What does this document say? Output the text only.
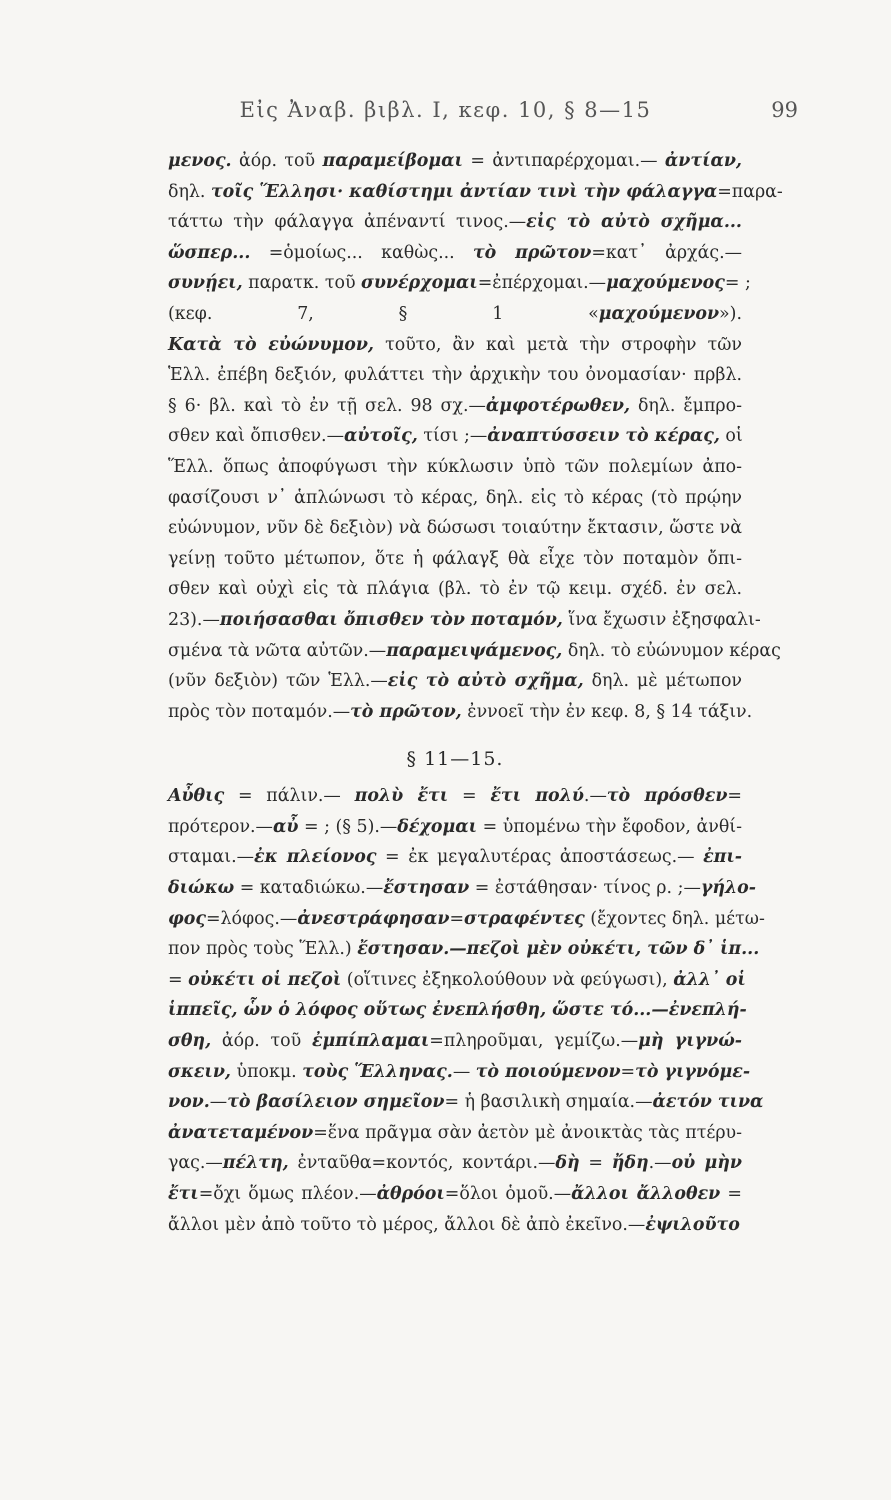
Εἰς Ἀναβ. βιβλ. Ι, κεφ. 10, § 8—15	99
μενος. ἀόρ. τοῦ παραμείβομαι = ἀντιπαρέρχομαι.— ἀντίαν,
δηλ. τοῖς Ἕλλησι· καθίστημι ἀντίαν τινὶ τὴν φάλαγγα=παρα-
τάττω τὴν φάλαγγα ἀπέναντί τινος.—εἰς τὸ αὐτὸ σχῆμα...
ὥσπερ... =ὁμοίως... καθὼς... τὸ πρῶτον=κατ᾿ ἀρχάς.—
συνῄει, παρατκ. τοῦ συνέρχομαι=ἐπέρχομαι.—μαχούμενος= ;
(κεφ. 7, § 1 «μαχούμενον»).
Κατὰ τὸ εὐώνυμον, τοῦτο, ἂν καὶ μετὰ τὴν στροφὴν τῶν
Ἑλλ. ἐπέβη δεξιόν, φυλάττει τὴν ἀρχικὴν του ὀνομασίαν· πρβλ.
§ 6· βλ. καὶ τὸ ἐν τῇ σελ. 98 σχ.—ἀμφοτέρωθεν, δηλ. ἔμπρο-
σθεν καὶ ὄπισθεν.—αὐτοῖς, τίσι ;—ἀναπτύσσειν τὸ κέρας, οἱ
Ἕλλ. ὅπως ἀποφύγωσι τὴν κύκλωσιν ὑπὸ τῶν πολεμίων ἀπο-
φασίζουσι ν᾿ ἁπλώνωσι τὸ κέρας, δηλ. εἰς τὸ κέρας (τὸ πρῴην
εὐώνυμον, νῦν δὲ δεξιὸν) νὰ δώσωσι τοιαύτην ἔκτασιν, ὥστε νὰ
γείνῃ τοῦτο μέτωπον, ὅτε ἡ φάλαγξ θὰ εἶχε τὸν ποταμὸν ὄπι-
σθεν καὶ οὐχὶ εἰς τὰ πλάγια (βλ. τὸ ἐν τῷ κειμ. σχέδ. ἐν σελ.
23).—ποιήσασθαι ὄπισθεν τὸν ποταμόν, ἵνα ἔχωσιν ἐξησφαλι-
σμένα τὰ νῶτα αὐτῶν.—παραμειψάμενος, δηλ. τὸ εὐώνυμον κέρας
(νῦν δεξιὸν) τῶν Ἑλλ.—εἰς τὸ αὐτὸ σχῆμα, δηλ. μὲ μέτωπον
πρὸς τὸν ποταμόν.—τὸ πρῶτον, ἐννοεῖ τὴν ἐν κεφ. 8, § 14 τάξιν.
§ 11—15.
Αὖθις = πάλιν.— πολὺ ἔτι = ἔτι πολύ.—τὸ πρόσθεν=
πρότερον.—αὖ = ; (§ 5).—δέχομαι = ὑπομένω τὴν ἔφοδον, ἀνθί-
σταμαι.—ἐκ πλείονος = ἐκ μεγαλυτέρας ἀποστάσεως.— ἐπι-
διώκω = καταδιώκω.—ἔστησαν = ἐστάθησαν· τίνος ρ. ;—γήλο-
φος=λόφος.—ἀνεστράφησαν=στραφέντες (ἔχοντες δηλ. μέτω-
πον πρὸς τοὺς Ἕλλ.) ἔστησαν.—πεζοὶ μὲν οὐκέτι, τῶν δ᾿ ἱπ...
= οὐκέτι οἱ πεζοὶ (οἵτινες ἐξηκολούθουν νὰ φεύγωσι), ἀλλ᾿ οἱ
ἱππεῖς, ὧν ὁ λόφος οὕτως ἐνεπλήσθη, ὥστε τό...—ἐνεπλή-
σθη, ἀόρ. τοῦ ἐμπίπλαμαι=πληροῦμαι, γεμίζω.—μὴ γιγνώ-
σκειν, ὑποκμ. τοὺς Ἕλληνας.— τὸ ποιούμενον=τὸ γιγνόμε-
νον.—τὸ βασίλειον σημεῖον= ἡ βασιλικὴ σημαία.—ἀετόν τινα
ἀνατεταμένον=ἕνα πρᾶγμα σὰν ἀετὸν μὲ ἀνοικτὰς τὰς πτέρυ-
γας.—πέλτη, ἐνταῦθα=κοντός, κοντάρι.—δὴ = ἤδη.—οὐ μὴν
ἔτι=ὄχι ὅμως πλέον.—ἀθρόοι=ὅλοι ὁμοῦ.—ἄλλοι ἄλλοθεν =
ἄλλοι μὲν ἀπὸ τοῦτο τὸ μέρος, ἄλλοι δὲ ἀπὸ ἐκεῖνο.—ἐψιλοῦτο
